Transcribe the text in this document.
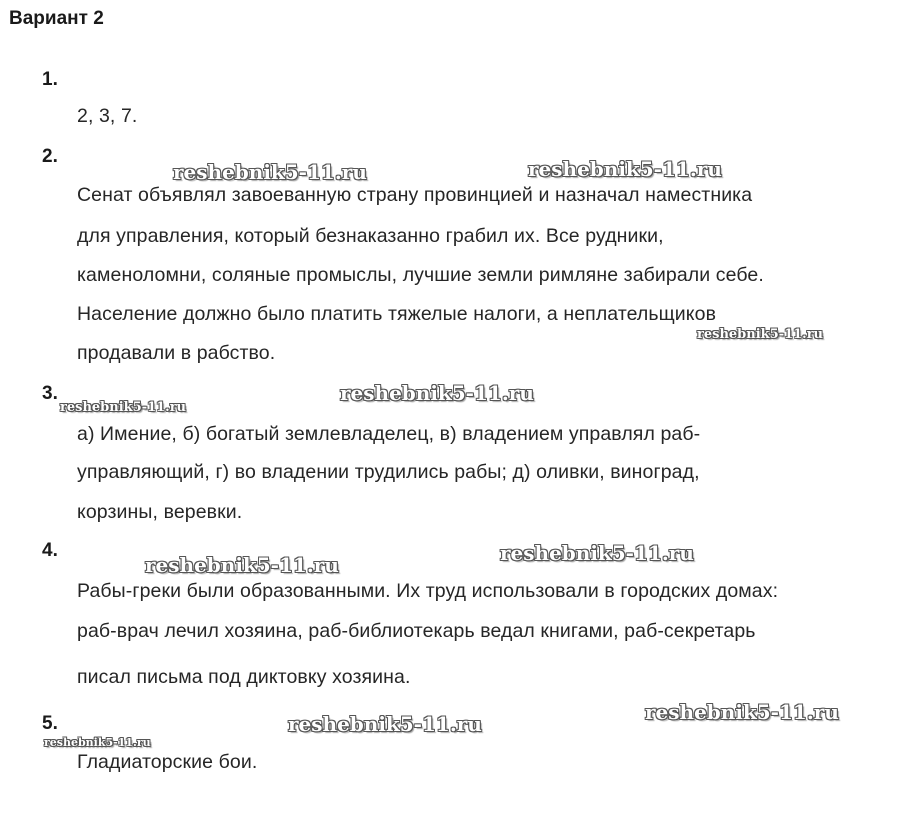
Вариант 2
1.
2, 3, 7.
2.
Сенат объявлял завоеванную страну провинцией и назначал наместника
для управления, который безнаказанно грабил их. Все рудники,
каменоломни, соляные промыслы, лучшие земли римляне забирали себе.
Население должно было платить тяжелые налоги, а неплательщиков
продавали в рабство.
3.
а) Имение, б) богатый землевладелец, в) владением управлял раб-
управляющий, г) во владении трудились рабы; д) оливки, виноград,
корзины, веревки.
4.
Рабы-греки были образованными. Их труд использовали в городских домах:
раб-врач лечил хозяина, раб-библиотекарь ведал книгами, раб-секретарь
писал письма под диктовку хозяина.
5.
Гладиаторские бои.
reshebnik5-11.ru	reshebnik5-11.ru
reshebnik5-11.ru
reshebnik5-11.ru
reshebnik5-11.ru
reshebnik5-11.ru	reshebnik5-11.ru
reshebnik5-11.ru	reshebnik5-11.ru
reshebnik5-11.ru
